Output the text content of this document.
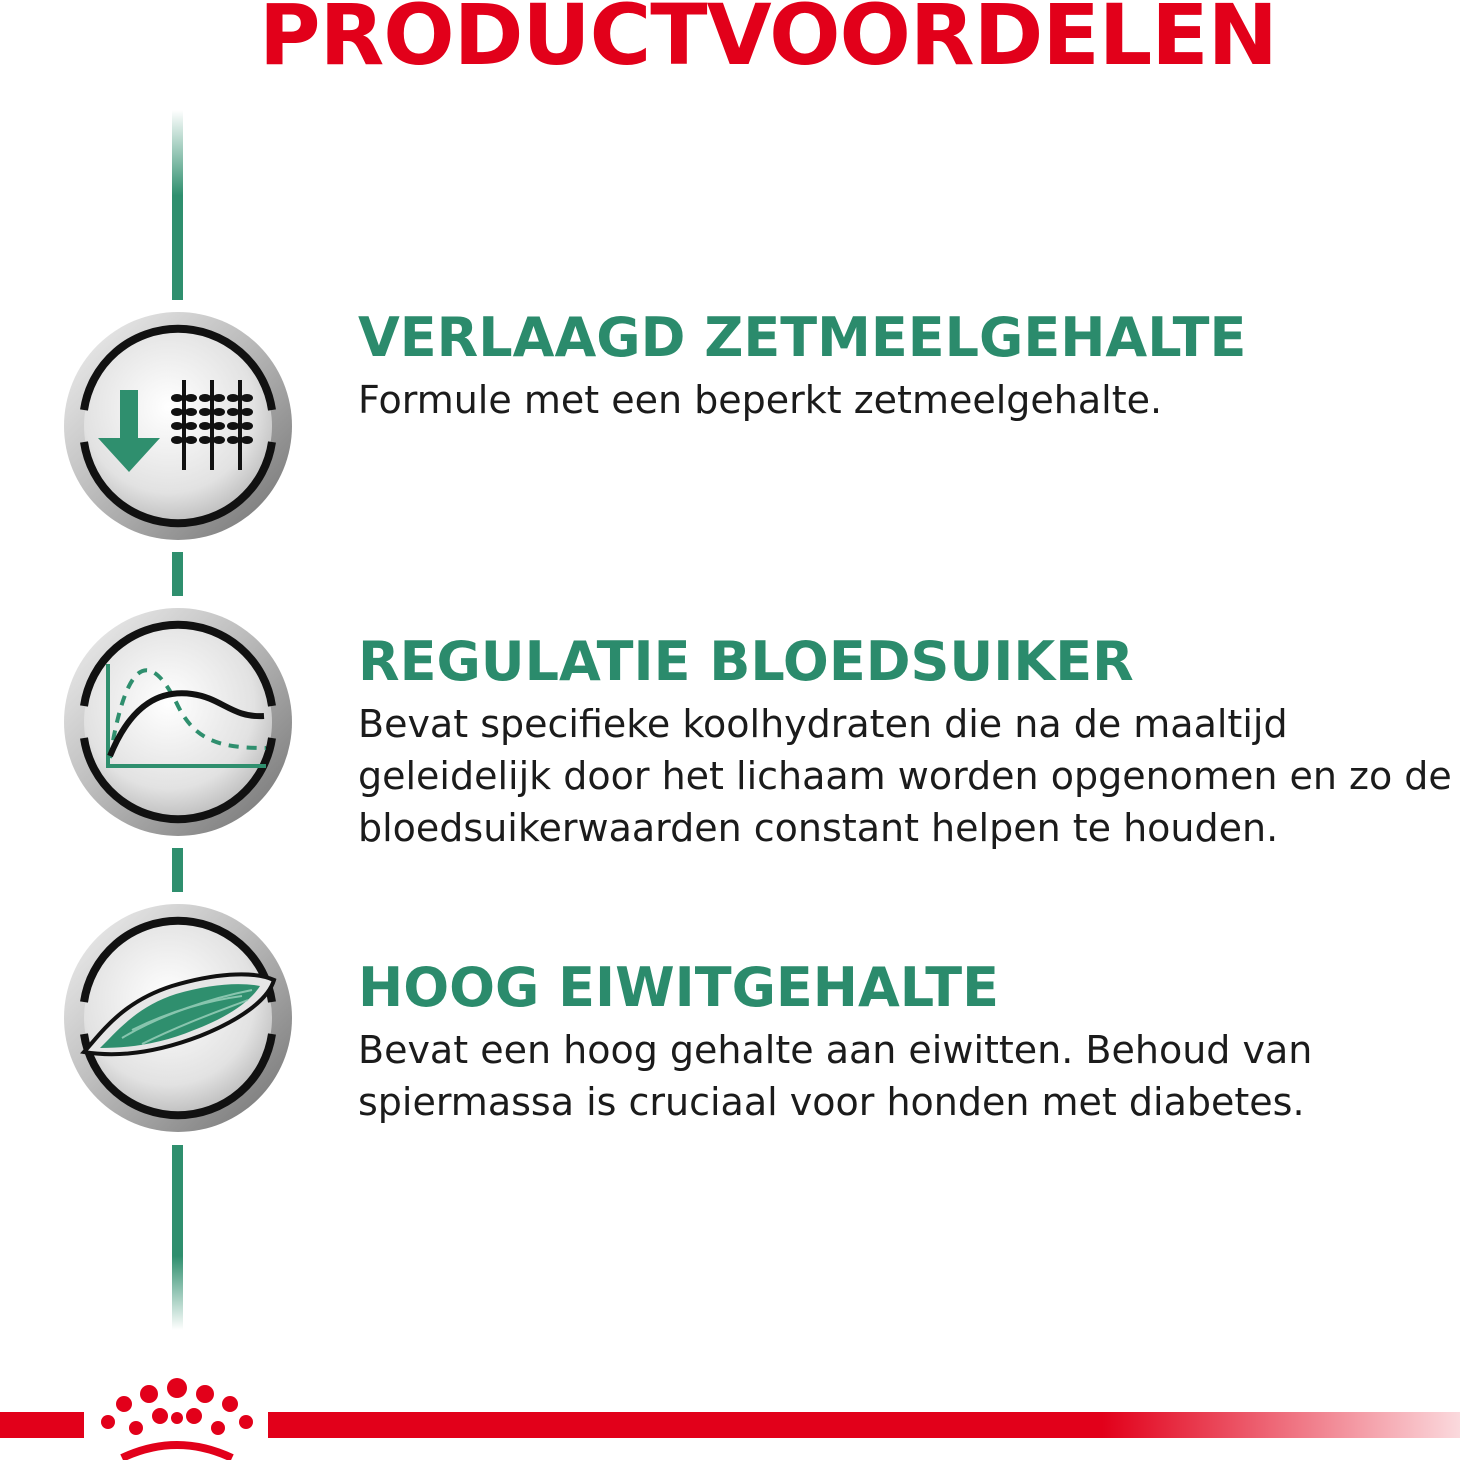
PRODUCTVOORDELEN
VERLAAGD ZETMEELGEHALTE

Formule met een beperkt zetmeelgehalte.

REGULATIE BLOEDSUIKER

Bevat specifieke koolhydraten die na de maaltijd
geleidelijk door het lichaam worden opgenomen en zo de
bloedsuikerwaarden constant helpen te houden.

HOOG EIWITGEHALTE

Bevat een hoog gehalte aan eiwitten. Behoud van
spiermassa is cruciaal voor honden met diabetes.
